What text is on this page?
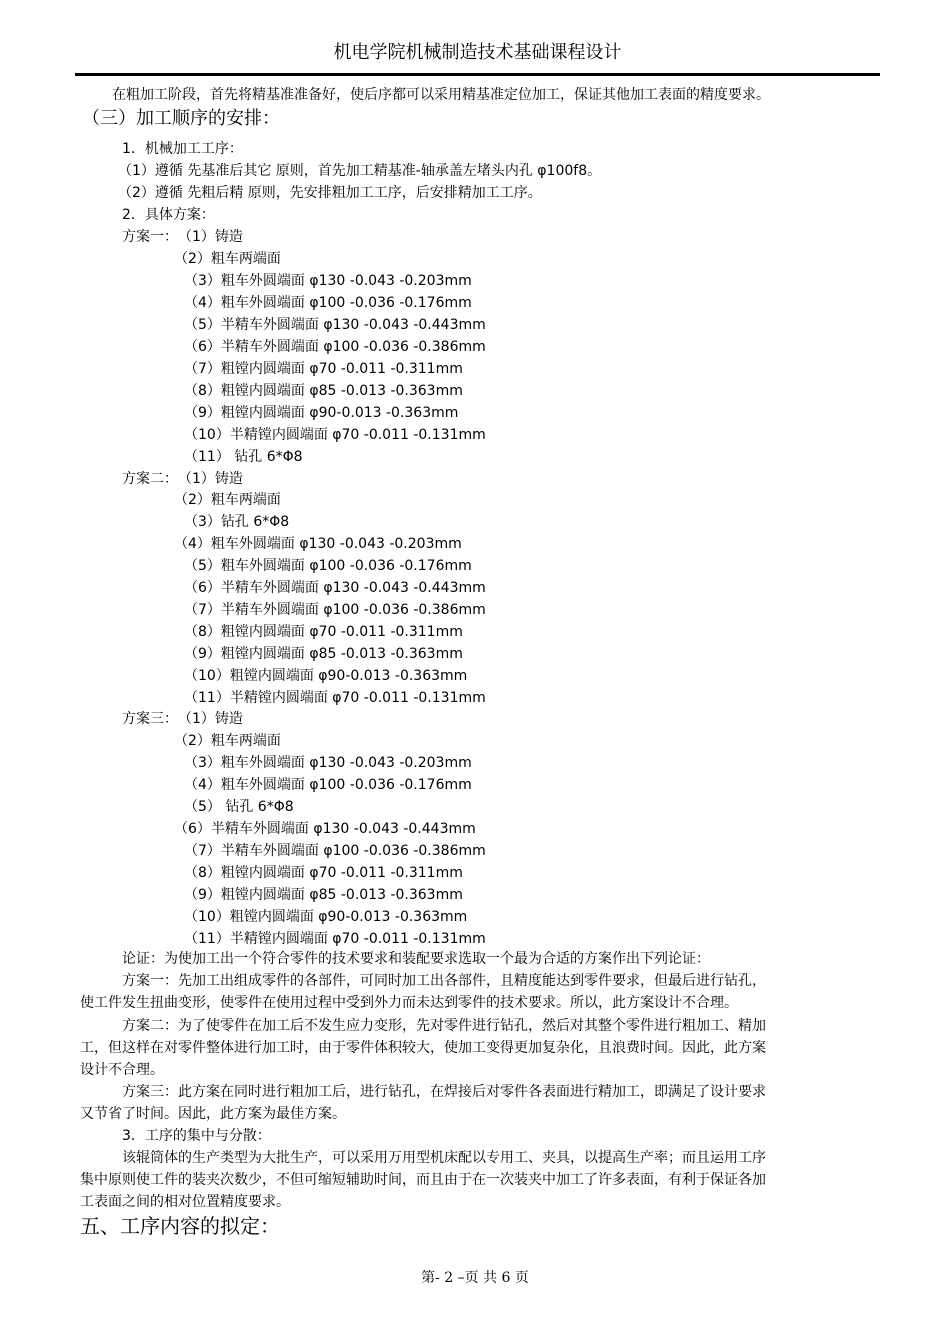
机电学院机械制造技术基础课程设计
在粗加工阶段，首先将精基准准备好，使后序都可以采用精基准定位加工，保证其他加工表面的精度要求。
（三）加工顺序的安排：
1．机械加工工序：
（1）遵循 先基准后其它 原则，首先加工精基准-轴承盖左堵头内孔 φ100f8。
（2）遵循 先粗后精 原则，先安排粗加工工序，后安排精加工工序。
2．具体方案：
方案一： （1）铸造
（2）粗车两端面
（3）粗车外圆端面 φ130 -0.043 -0.203mm
（4）粗车外圆端面 φ100 -0.036 -0.176mm
（5）半精车外圆端面 φ130 -0.043 -0.443mm
（6）半精车外圆端面 φ100 -0.036 -0.386mm
（7）粗镗内圆端面 φ70 -0.011 -0.311mm
（8）粗镗内圆端面 φ85 -0.013 -0.363mm
（9）粗镗内圆端面 φ90-0.013 -0.363mm
（10）半精镗内圆端面 φ70 -0.011 -0.131mm
（11） 钻孔 6*Φ8
方案二： （1）铸造
（2）粗车两端面
（3）钻孔 6*Φ8
（4）粗车外圆端面 φ130 -0.043 -0.203mm
（5）粗车外圆端面 φ100 -0.036 -0.176mm
（6）半精车外圆端面 φ130 -0.043 -0.443mm
（7）半精车外圆端面 φ100 -0.036 -0.386mm
（8）粗镗内圆端面 φ70 -0.011 -0.311mm
（9）粗镗内圆端面 φ85 -0.013 -0.363mm
（10）粗镗内圆端面 φ90-0.013 -0.363mm
（11）半精镗内圆端面 φ70 -0.011 -0.131mm
方案三： （1）铸造
（2）粗车两端面
（3）粗车外圆端面 φ130 -0.043 -0.203mm
（4）粗车外圆端面 φ100 -0.036 -0.176mm
（5） 钻孔 6*Φ8
（6）半精车外圆端面 φ130 -0.043 -0.443mm
（7）半精车外圆端面 φ100 -0.036 -0.386mm
（8）粗镗内圆端面 φ70 -0.011 -0.311mm
（9）粗镗内圆端面 φ85 -0.013 -0.363mm
（10）粗镗内圆端面 φ90-0.013 -0.363mm
（11）半精镗内圆端面 φ70 -0.011 -0.131mm
论证：为使加工出一个符合零件的技术要求和装配要求选取一个最为合适的方案作出下列论证：
方案一：先加工出组成零件的各部件，可同时加工出各部件，且精度能达到零件要求，但最后进行钻孔，
使工件发生扭曲变形，使零件在使用过程中受到外力而未达到零件的技术要求。所以，此方案设计不合理。
方案二：为了使零件在加工后不发生应力变形，先对零件进行钻孔，然后对其整个零件进行粗加工、精加
工，但这样在对零件整体进行加工时，由于零件体积较大，使加工变得更加复杂化，且浪费时间。因此，此方案
设计不合理。
方案三：此方案在同时进行粗加工后，进行钻孔，在焊接后对零件各表面进行精加工，即满足了设计要求
又节省了时间。因此，此方案为最佳方案。
3．工序的集中与分散：
该辊筒体的生产类型为大批生产，可以采用万用型机床配以专用工、夹具，以提高生产率；而且运用工序
集中原则使工件的装夹次数少，不但可缩短辅助时间，而且由于在一次装夹中加工了许多表面，有利于保证各加
工表面之间的相对位置精度要求。
五、工序内容的拟定：
第- 2 –页 共 6 页
